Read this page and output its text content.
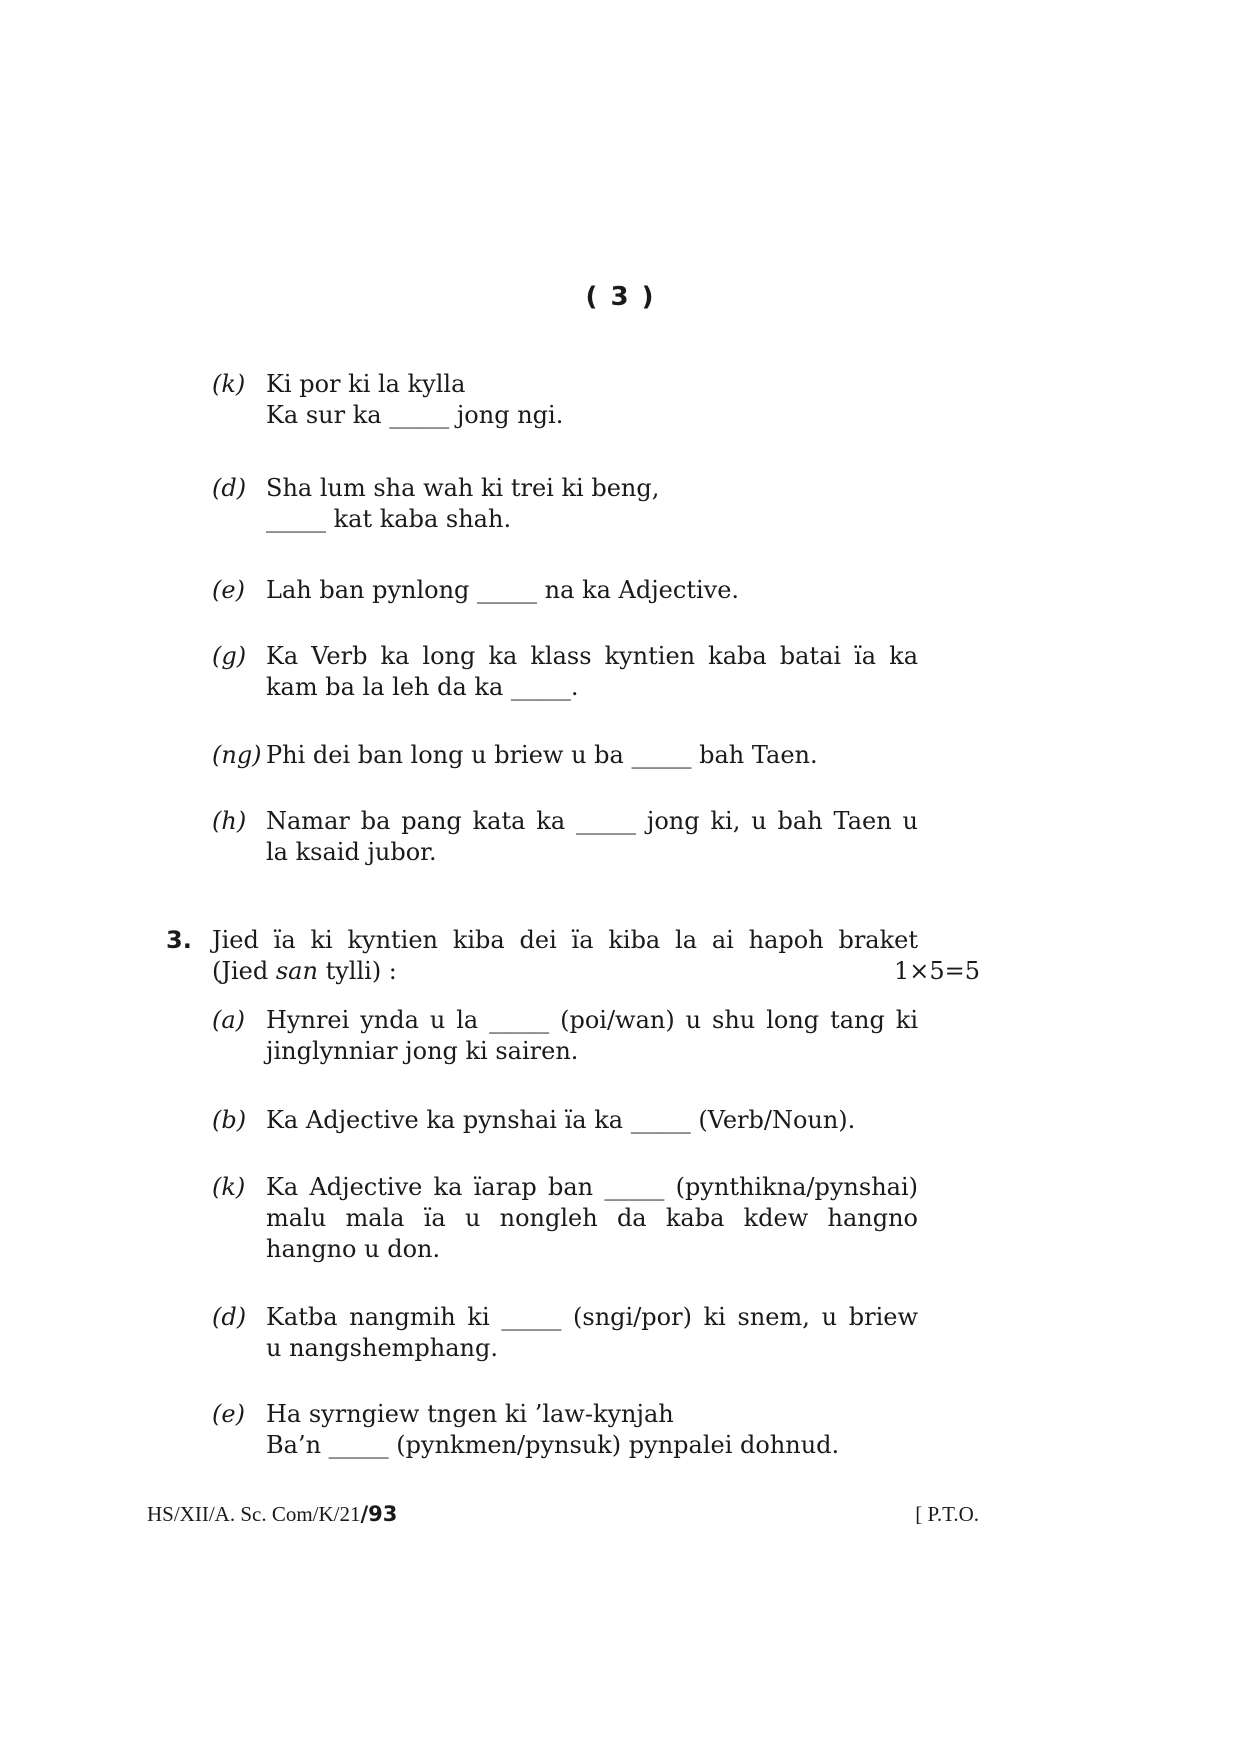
( 3 )
(k) Ki por ki la kylla
Ka sur ka _____ jong ngi.
(d) Sha lum sha wah ki trei ki beng,
_____ kat kaba shah.
(e) Lah ban pynlong _____ na ka Adjective.
(g) Ka Verb ka long ka klass kyntien kaba batai ïa ka
kam ba la leh da ka _____.
(ng) Phi dei ban long u briew u ba _____ bah Taen.
(h) Namar ba pang kata ka _____ jong ki, u bah Taen u
la ksaid jubor.
3. Jied ïa ki kyntien kiba dei ïa kiba la ai hapoh braket
(Jied san tylli) :	1×5=5
(a) Hynrei ynda u la _____ (poi/wan) u shu long tang ki
jinglynniar jong ki sairen.
(b) Ka Adjective ka pynshai ïa ka _____ (Verb/Noun).
(k) Ka Adjective ka ïarap ban _____ (pynthikna/pynshai)
malu mala ïa u nongleh da kaba kdew hangno
hangno u don.
(d) Katba nangmih ki _____ (sngi/por) ki snem, u briew
u nangshemphang.
(e) Ha syrngiew tngen ki ’law-kynjah
Ba’n _____ (pynkmen/pynsuk) pynpalei dohnud.
HS/XII/A. Sc. Com/K/21/93	[ P.T.O.
